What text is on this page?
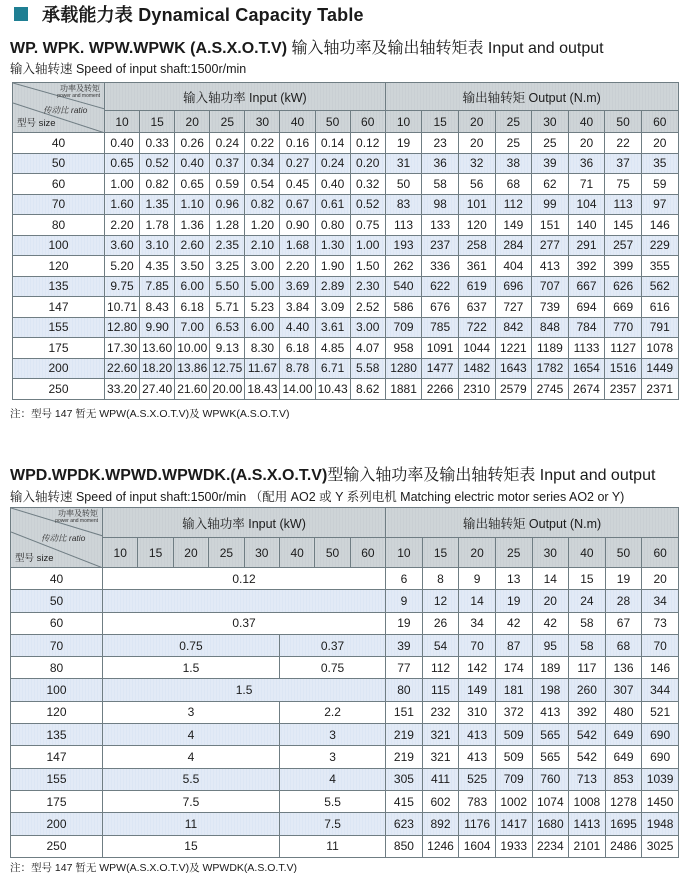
承载能力表 Dynamical Capacity Table
WP. WPK. WPW.WPWK (A.S.X.O.T.V) 输入轴功率及输出轴转矩表 Input and output
输入轴转速 Speed of input shaft:1500r/min
功率及转矩
power and moment
传动比 ratio
型号 size	输入轴功率 Input (kW)								输出轴转矩 Output (N.m)							
	10	15	20	25	30	40	50	60	10	15	20	25	30	40	50	60
40	0.40	0.33	0.26	0.24	0.22	0.16	0.14	0.12	19	23	20	25	25	20	22	20
50	0.65	0.52	0.40	0.37	0.34	0.27	0.24	0.20	31	36	32	38	39	36	37	35
60	1.00	0.82	0.65	0.59	0.54	0.45	0.40	0.32	50	58	56	68	62	71	75	59
70	1.60	1.35	1.10	0.96	0.82	0.67	0.61	0.52	83	98	101	112	99	104	113	97
80	2.20	1.78	1.36	1.28	1.20	0.90	0.80	0.75	113	133	120	149	151	140	145	146
100	3.60	3.10	2.60	2.35	2.10	1.68	1.30	1.00	193	237	258	284	277	291	257	229
120	5.20	4.35	3.50	3.25	3.00	2.20	1.90	1.50	262	336	361	404	413	392	399	355
135	9.75	7.85	6.00	5.50	5.00	3.69	2.89	2.30	540	622	619	696	707	667	626	562
147	10.71	8.43	6.18	5.71	5.23	3.84	3.09	2.52	586	676	637	727	739	694	669	616
155	12.80	9.90	7.00	6.53	6.00	4.40	3.61	3.00	709	785	722	842	848	784	770	791
175	17.30	13.60	10.00	9.13	8.30	6.18	4.85	4.07	958	1091	1044	1221	1189	1133	1127	1078
200	22.60	18.20	13.86	12.75	11.67	8.78	6.71	5.58	1280	1477	1482	1643	1782	1654	1516	1449
250	33.20	27.40	21.60	20.00	18.43	14.00	10.43	8.62	1881	2266	2310	2579	2745	2674	2357	2371
注：型号 147 暂无 WPW(A.S.X.O.T.V)及 WPWK(A.S.O.T.V)
WPD.WPDK.WPWD.WPWDK.(A.S.X.O.T.V)型输入轴功率及输出轴转矩表 Input and output
输入轴转速 Speed of input shaft:1500r/min （配用 AO2 或 Y 系列电机 Matching electric motor series AO2 or Y)
功率及转矩
power and moment
传动比 ratio
型号 size	输入轴功率 Input (kW)								输出轴转矩 Output (N.m)							
	10	15	20	25	30	40	50	60	10	15	20	25	30	40	50	60
40	0.12								6	8	9	13	14	15	19	20
50									9	12	14	19	20	24	28	34
60	0.37								19	26	34	42	42	58	67	73
70	0.75					0.37			39	54	70	87	95	58	68	70
80	1.5					0.75			77	112	142	174	189	117	136	146
100	1.5								80	115	149	181	198	260	307	344
120	3					2.2			151	232	310	372	413	392	480	521
135	4					3			219	321	413	509	565	542	649	690
147	4					3			219	321	413	509	565	542	649	690
155	5.5					4			305	411	525	709	760	713	853	1039
175	7.5					5.5			415	602	783	1002	1074	1008	1278	1450
200	11					7.5			623	892	1176	1417	1680	1413	1695	1948
250	15					11			850	1246	1604	1933	2234	2101	2486	3025
注：型号 147 暂无 WPW(A.S.X.O.T.V)及 WPWDK(A.S.O.T.V)
